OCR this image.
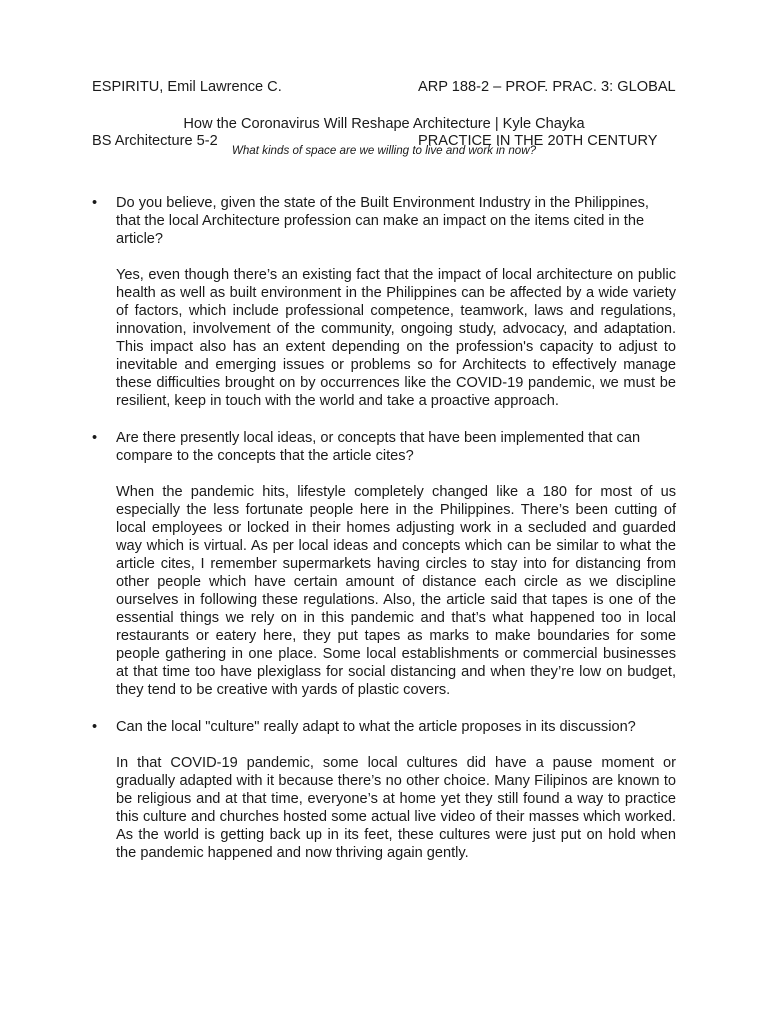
ESPIRITU, Emil Lawrence C.

BS Architecture 5-2

ARP 188-2 – PROF. PRAC. 3: GLOBAL

PRACTICE IN THE 20TH CENTURY

How the Coronavirus Will Reshape Architecture | Kyle Chayka
What kinds of space are we willing to live and work in now?
• Do you believe, given the state of the Built Environment Industry in the Philippines, that the local Architecture profession can make an impact on the items cited in the article?
Yes, even though there’s an existing fact that the impact of local architecture on public health as well as built environment in the Philippines can be affected by a wide variety of factors, which include professional competence, teamwork, laws and regulations, innovation, involvement of the community, ongoing study, advocacy, and adaptation. This impact also has an extent depending on the profession's capacity to adjust to inevitable and emerging issues or problems so for Architects to effectively manage these difficulties brought on by occurrences like the COVID-19 pandemic, we must be resilient, keep in touch with the world and take a proactive approach.
• Are there presently local ideas, or concepts that have been implemented that can compare to the concepts that the article cites?
When the pandemic hits, lifestyle completely changed like a 180 for most of us especially the less fortunate people here in the Philippines. There’s been cutting of local employees or locked in their homes adjusting work in a secluded and guarded way which is virtual. As per local ideas and concepts which can be similar to what the article cites, I remember supermarkets having circles to stay into for distancing from other people which have certain amount of distance each circle as we discipline ourselves in following these regulations. Also, the article said that tapes is one of the essential things we rely on in this pandemic and that’s what happened too in local restaurants or eatery here, they put tapes as marks to make boundaries for some people gathering in one place. Some local establishments or commercial businesses at that time too have plexiglass for social distancing and when they’re low on budget, they tend to be creative with yards of plastic covers.
• Can the local "culture" really adapt to what the article proposes in its discussion?
In that COVID-19 pandemic, some local cultures did have a pause moment or gradually adapted with it because there’s no other choice. Many Filipinos are known to be religious and at that time, everyone’s at home yet they still found a way to practice this culture and churches hosted some actual live video of their masses which worked. As the world is getting back up in its feet, these cultures were just put on hold when the pandemic happened and now thriving again gently.
